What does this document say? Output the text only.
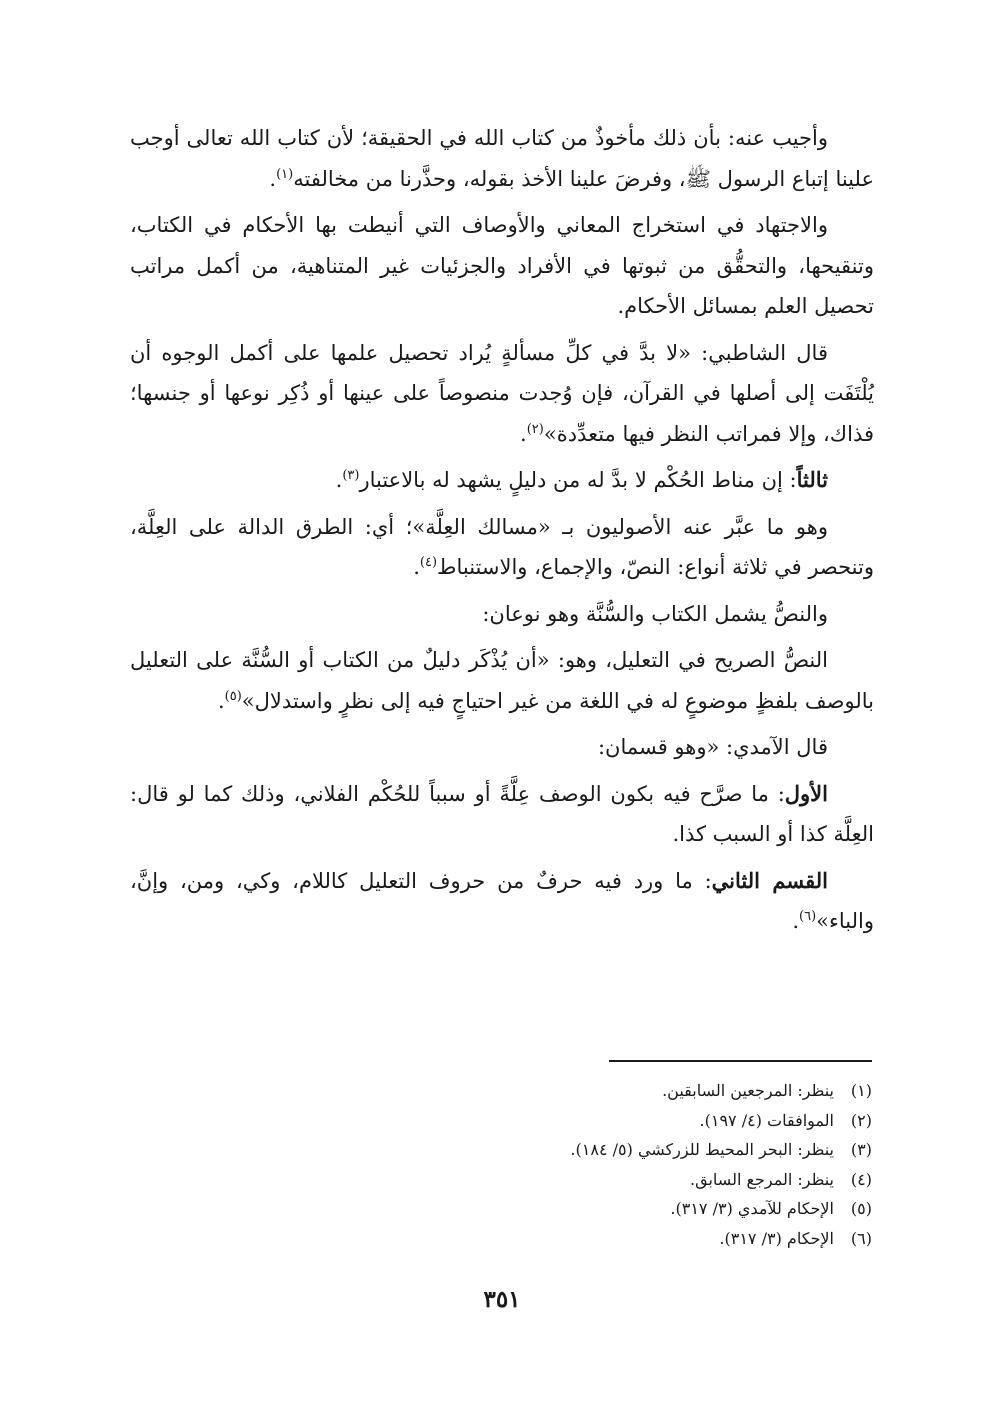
وأجيب عنه: بأن ذلك مأخوذٌ من كتاب الله في الحقيقة؛ لأن كتاب الله تعالى أوجب علينا إتباع الرسول ﷺ، وفرضَ علينا الأخذ بقوله، وحذَّرنا من مخالفته$^{(١)}$.

والاجتهاد في استخراج المعاني والأوصاف التي أنيطت بها الأحكام في الكتاب، وتنقيحها، والتحقُّق من ثبوتها في الأفراد والجزئيات غير المتناهية، من أكمل مراتب تحصيل العلم بمسائل الأحكام.

قال الشاطبي: «لا بدَّ في كلِّ مسألةٍ يُراد تحصيل علمها على أكمل الوجوه أن يُلْتَفَت إلى أصلها في القرآن، فإن وُجدت منصوصاً على عينها أو ذُكِر نوعها أو جنسها؛ فذاك، وإلا فمراتب النظر فيها متعدِّدة»$^{(٢)}$.

ثالثاً: إن مناط الحُكْم لا بدَّ له من دليلٍ يشهد له بالاعتبار$^{(٣)}$.

وهو ما عبَّر عنه الأصوليون بـ «مسالك العِلَّة»؛ أي: الطرق الدالة على العِلَّة، وتنحصر في ثلاثة أنواع: النصّ، والإجماع، والاستنباط$^{(٤)}$.

والنصُّ يشمل الكتاب والسُّنَّة وهو نوعان:

النصُّ الصريح في التعليل، وهو: «أن يُذْكَر دليلٌ من الكتاب أو السُّنَّة على التعليل بالوصف بلفظٍ موضوعٍ له في اللغة من غير احتياجٍ فيه إلى نظرٍ واستدلال»$^{(٥)}$.

قال الآمدي: «وهو قسمان:

الأول: ما صرَّح فيه بكون الوصف عِلَّةً أو سبباً للحُكْم الفلاني، وذلك كما لو قال: العِلَّة كذا أو السبب كذا.

القسم الثاني: ما ورد فيه حرفٌ من حروف التعليل كاللام، وكي، ومن، وإنَّ، والباء»$^{(٦)}$.

(١)
ينظر: المرجعين السابقين.
(٢)
الموافقات (٤/ ١٩٧).
(٣)
ينظر: البحر المحيط للزركشي (٥/ ١٨٤).
(٤)
ينظر: المرجع السابق.
(٥)
الإحكام للآمدي (٣/ ٣١٧).
(٦)
الإحكام (٣/ ٣١٧).
٣٥١
